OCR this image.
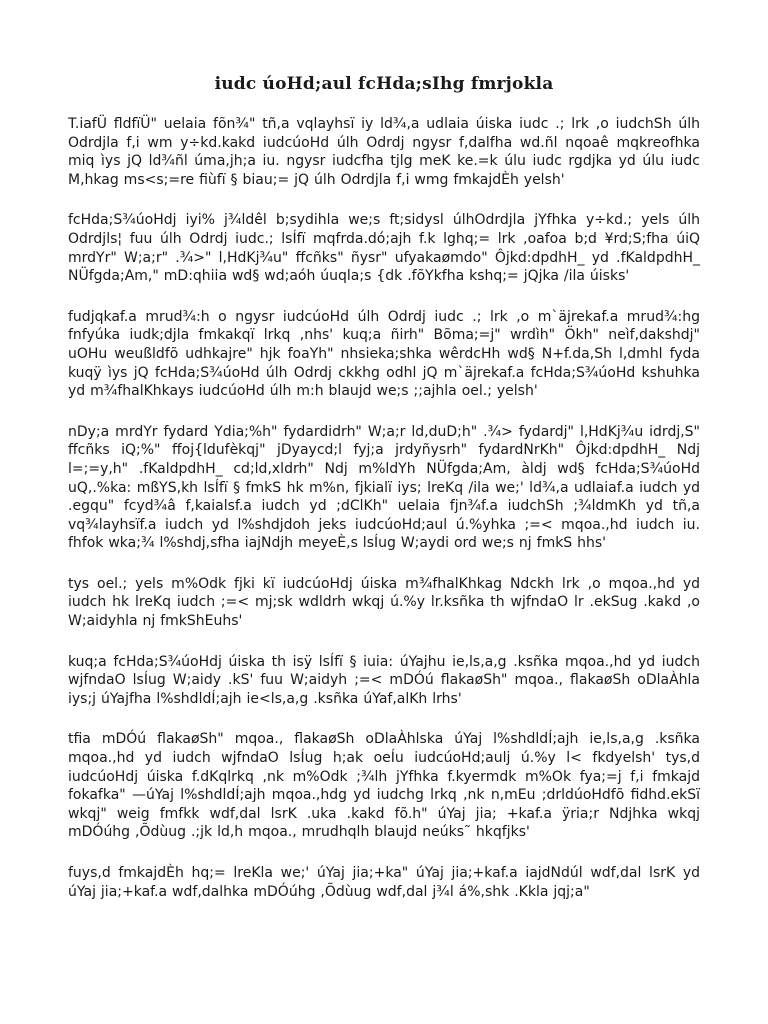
iudc úoHd;aul fcHda;sIhg fmrjokla

T.iafÜ fldfïÜ" uelaia fõn¾" tñ,a vqlayhsï iy ld¾,a udlaia úiska iudc .; lrk ,o iudchSh úlh Odrdjla f,i wm y÷kd.kakd iudcúoHd úlh Odrdj ngysr f,dalfha wd.ñl nqoaê mqkreofhka miq ìys jQ ld¾ñl úma,jh;a iu. ngysr iudcfha tjlg meK ke.=k úlu iudc rgdjka yd úlu iudc M,hkag ms<s;=re fiùfï § biau;= jQ úlh Odrdjla f,i wmg fmkajdÈh yelsh'

fcHda;S¾úoHdj iyi% j¾ldêl b;sydihla we;s ft;sidysl úlhOdrdjla jYfhka y÷kd.; yels úlh Odrdjls¦ fuu úlh Odrdj iudc.; lsÍfï mqfrda.dó;ajh f.k lghq;= lrk ,oafoa b;d ¥rd;S;fha úiQ mrdYr" W;a;r" .¾>" l,HdKj¾u" ffcñks" ñysr" ufyakaømdo" Ôjkd:dpdhH_ yd .fKaldpdhH_ NÜfgda;Am," mD:qhiia wd§ wd;aóh úuqla;s {dk .fõYkfha kshq;= jQjka /ila úisks'

fudjqkaf.a mrud¾:h o ngysr iudcúoHd úlh Odrdj iudc .; lrk ,o m`äjrekaf.a mrud¾:hg fnfyúka iudk;djla fmkakqï lrkq ,nhs' kuq;a ñirh" Bõma;=j" wrdìh" Ökh" neìf,dakshdj" uOHu weußldfõ udhkajre" hjk foaYh" nhsieka;shka wêrdcHh wd§ N+f.da,Sh l,dmhl fyda kuqÿ ìys jQ fcHda;S¾úoHd úlh Odrdj ckkhg odhl jQ m`äjrekaf.a fcHda;S¾úoHd kshuhka yd m¾fhalKhkays iudcúoHd úlh m:h blaujd we;s ;;ajhla oel.; yelsh'

nDy;a mrdYr fydard Ydia;%h" fydardidrh" W;a;r ld,duD;h" .¾> fydardj" l,HdKj¾u idrdj,S" ffcñks iQ;%" ffoj{ldufèkqj" jDyaycd;l fyj;a jrdyñysrh" fydardNrKh" Ôjkd:dpdhH_ Ndj l=;=y,h" .fKaldpdhH_ cd;ld,xldrh" Ndj m%ldYh NÜfgda;Am, àldj wd§ fcHda;S¾úoHd uQ,.%ka: mßYS,kh lsÍfï § fmkS hk m%n, fjkialï iys; lreKq /ila we;' ld¾,a udlaiaf.a iudch yd .egqu" fcyd¾â f,kaialsf.a iudch yd ;dClKh" uelaia fjn¾f.a iudchSh ;¾ldmKh yd tñ,a vq¾layhsïf.a iudch yd l%shdjdoh jeks iudcúoHd;aul ú.%yhka ;=< mqoa.,hd iudch iu. fhfok wka;¾ l%shdj,sfha iajNdjh meyeÈ,s lsÍug W;aydi ord we;s nj fmkS hhs'

tys oel.; yels m%Odk fjki kï iudcúoHdj úiska m¾fhalKhkag Ndckh lrk ,o mqoa.,hd yd iudch hk lreKq iudch ;=< mj;sk wdldrh wkqj ú.%y lr.ksñka th wjfndaO lr .ekSug .kakd ,o W;aidyhla nj fmkShEuhs'

kuq;a fcHda;S¾úoHdj úiska th isÿ lsÍfï § iuia: úYajhu ie,ls,a,g .ksñka mqoa.,hd yd iudch wjfndaO lsÍug W;aidy .kS' fuu W;aidyh ;=< mDÓú flakaøSh" mqoa., flakaøSh oDlaÀhla iys;j úYajfha l%shdldÍ;ajh ie<ls,a,g .ksñka úYaf,alKh lrhs'

tfia mDÓú flakaøSh" mqoa., flakaøSh oDlaÀhlska úYaj l%shdldÍ;ajh ie,ls,a,g .ksñka mqoa.,hd yd iudch wjfndaO lsÍug h;ak oeÍu iudcúoHd;aulj ú.%y l< fkdyelsh' tys,d iudcúoHdj úiska f.dKqlrkq ,nk m%Odk ;¾lh jYfhka f.kyermdk m%Ok fya;=j f,i fmkajd fokafka" —úYaj l%shdldÍ;ajh mqoa.,hdg yd iudchg lrkq ,nk n,mEu ;drldúoHdfõ fidhd.ekSï wkqj" weig fmfkk wdf,dal lsrK .uka .kakd fõ.h" úYaj jia; +kaf.a ÿria;r Ndjhka wkqj mDÓúhg ,Õdùug .;jk ld,h mqoa., mrudhqlh blaujd neúks˜ hkqfjks'

fuys,d fmkajdÈh hq;= lreKla we;' úYaj jia;+ka" úYaj jia;+kaf.a iajdNdúl wdf,dal lsrK yd úYaj jia;+kaf.a wdf,dalhka mDÓúhg ,Õdùug wdf,dal j¾l á%,shk .Kkla jqj;a"
